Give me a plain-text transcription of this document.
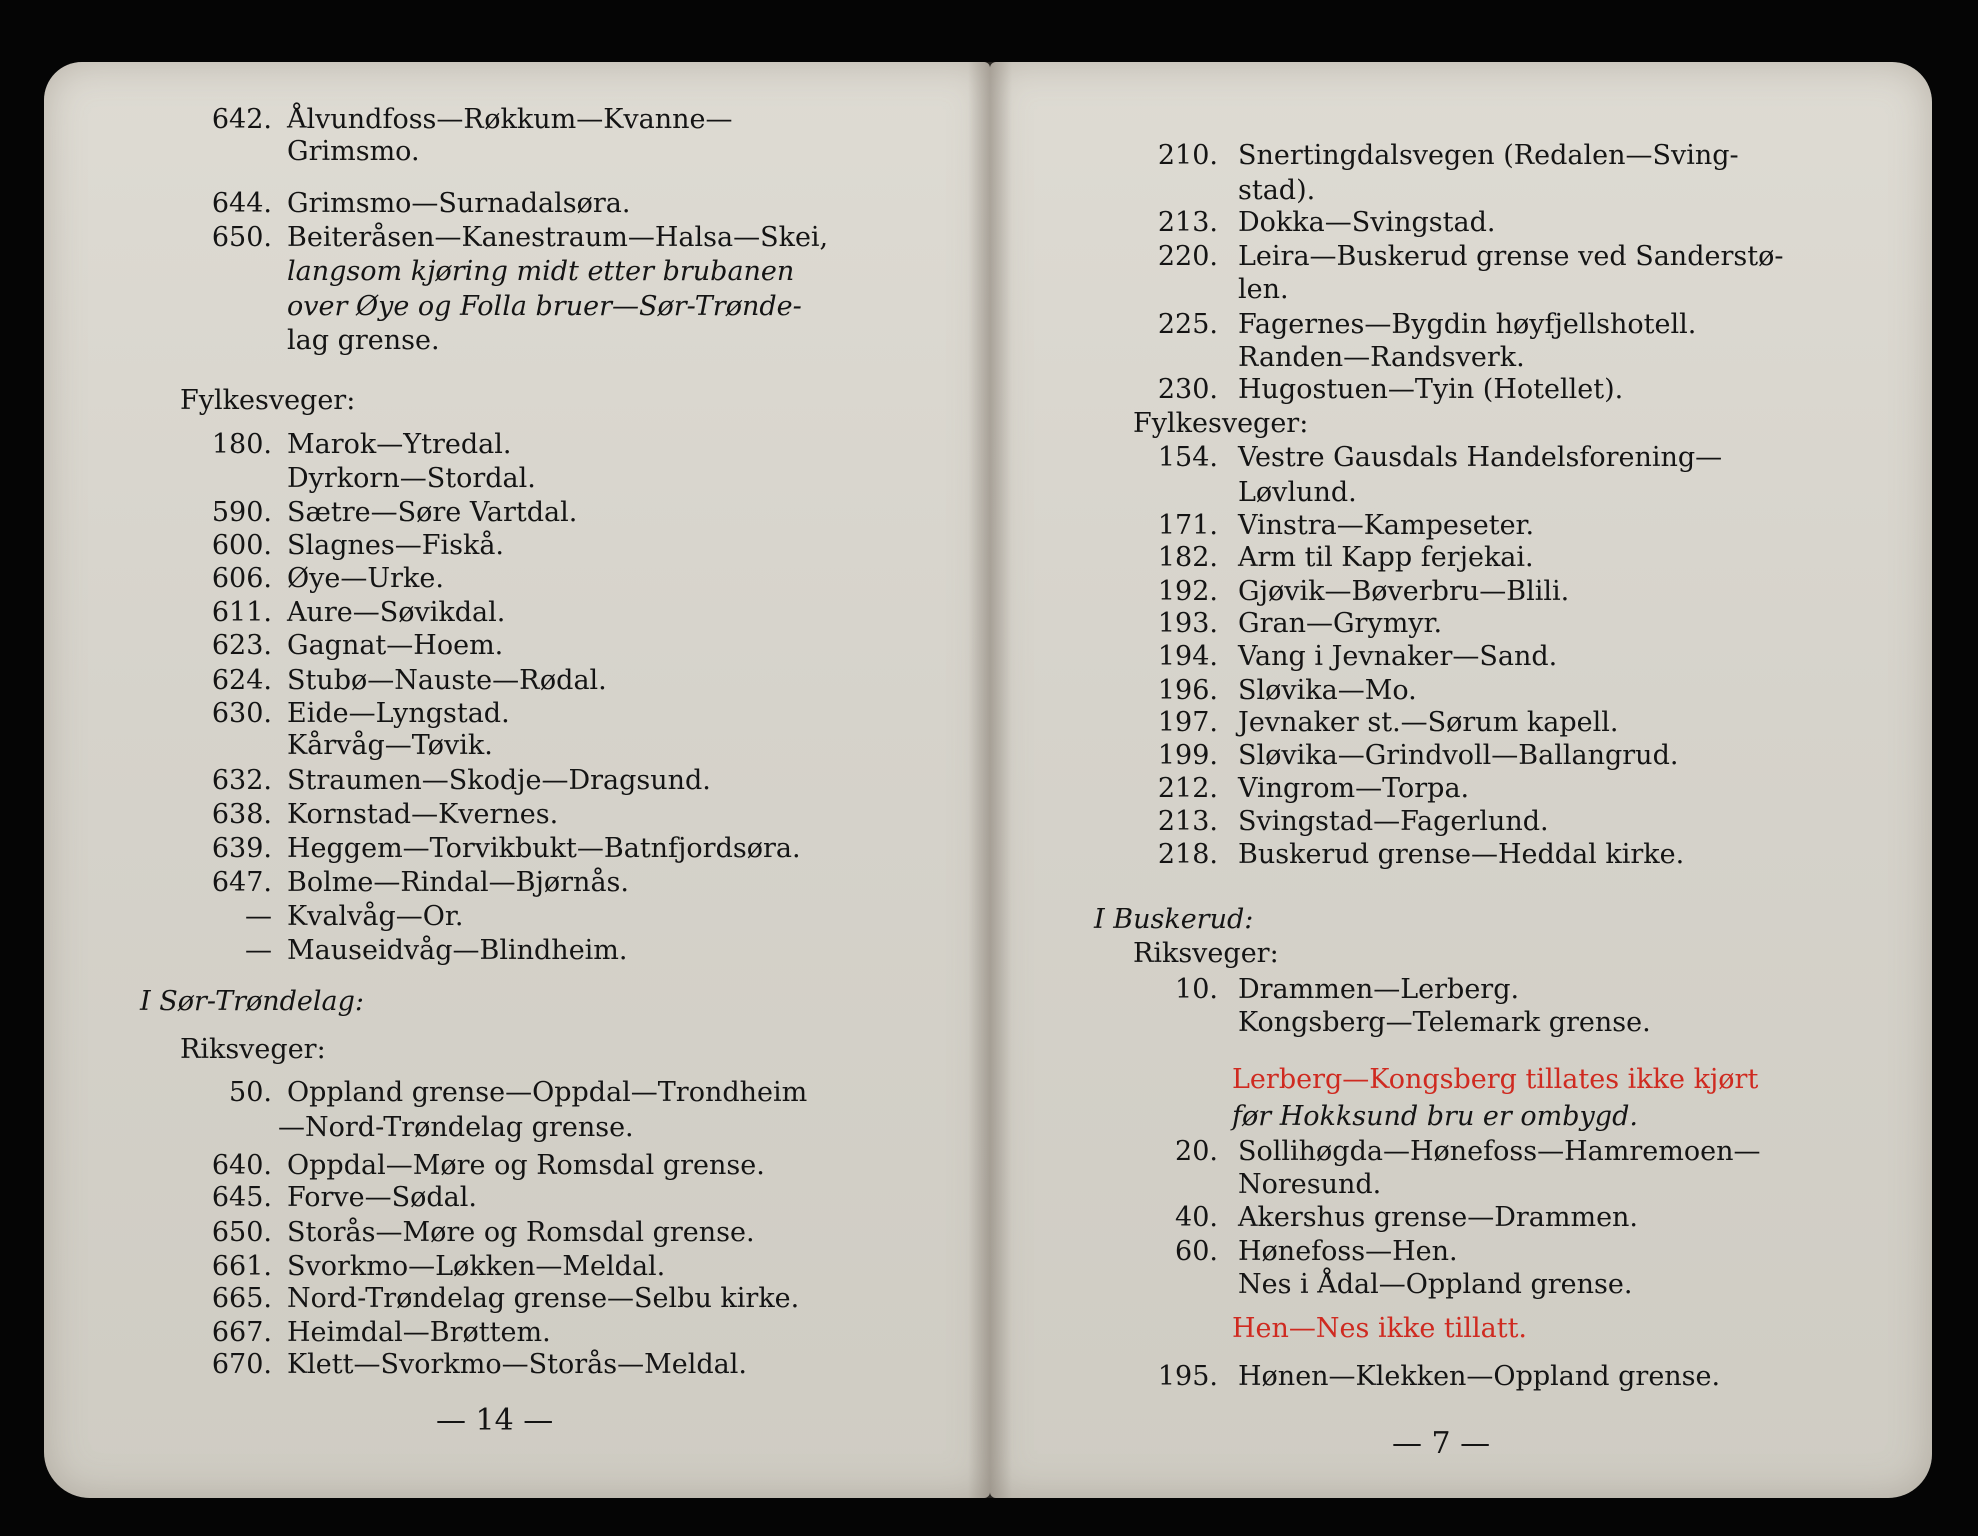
642. Ålvundfoss—Røkkum—Kvanne—
Grimsmo.
644. Grimsmo—Surnadalsøra.
650. Beiteråsen—Kanestraum—Halsa—Skei,
langsom kjøring midt etter brubanen
over Øye og Folla bruer—Sør-Trønde-
lag grense.
Fylkesveger:
180. Marok—Ytredal.
Dyrkorn—Stordal.
590. Sætre—Søre Vartdal.
600. Slagnes—Fiskå.
606. Øye—Urke.
611. Aure—Søvikdal.
623. Gagnat—Hoem.
624. Stubø—Nauste—Rødal.
630. Eide—Lyngstad.
Kårvåg—Tøvik.
632. Straumen—Skodje—Dragsund.
638. Kornstad—Kvernes.
639. Heggem—Torvikbukt—Batnfjordsøra.
647. Bolme—Rindal—Bjørnås.
— Kvalvåg—Or.
— Mauseidvåg—Blindheim.
I Sør-Trøndelag:
Riksveger:
50. Oppland grense—Oppdal—Trondheim
—Nord-Trøndelag grense.
640. Oppdal—Møre og Romsdal grense.
645. Forve—Sødal.
650. Storås—Møre og Romsdal grense.
661. Svorkmo—Løkken—Meldal.
665. Nord-Trøndelag grense—Selbu kirke.
667. Heimdal—Brøttem.
670. Klett—Svorkmo—Storås—Meldal.
210. Snertingdalsvegen (Redalen—Sving-
stad).
213. Dokka—Svingstad.
220. Leira—Buskerud grense ved Sanderstø-
len.
225. Fagernes—Bygdin høyfjellshotell.
Randen—Randsverk.
230. Hugostuen—Tyin (Hotellet).
Fylkesveger:
154. Vestre Gausdals Handelsforening—
Løvlund.
171. Vinstra—Kampeseter.
182. Arm til Kapp ferjekai.
192. Gjøvik—Bøverbru—Blili.
193. Gran—Grymyr.
194. Vang i Jevnaker—Sand.
196. Sløvika—Mo.
197. Jevnaker st.—Sørum kapell.
199. Sløvika—Grindvoll—Ballangrud.
212. Vingrom—Torpa.
213. Svingstad—Fagerlund.
218. Buskerud grense—Heddal kirke.
I Buskerud:
Riksveger:
10. Drammen—Lerberg.
Kongsberg—Telemark grense.
Lerberg—Kongsberg tillates ikke kjørt
før Hokksund bru er ombygd.
20. Sollihøgda—Hønefoss—Hamremoen—
Noresund.
40. Akershus grense—Drammen.
60. Hønefoss—Hen.
Nes i Ådal—Oppland grense.
Hen—Nes ikke tillatt.
195. Hønen—Klekken—Oppland grense.
— 14 —
— 7 —
